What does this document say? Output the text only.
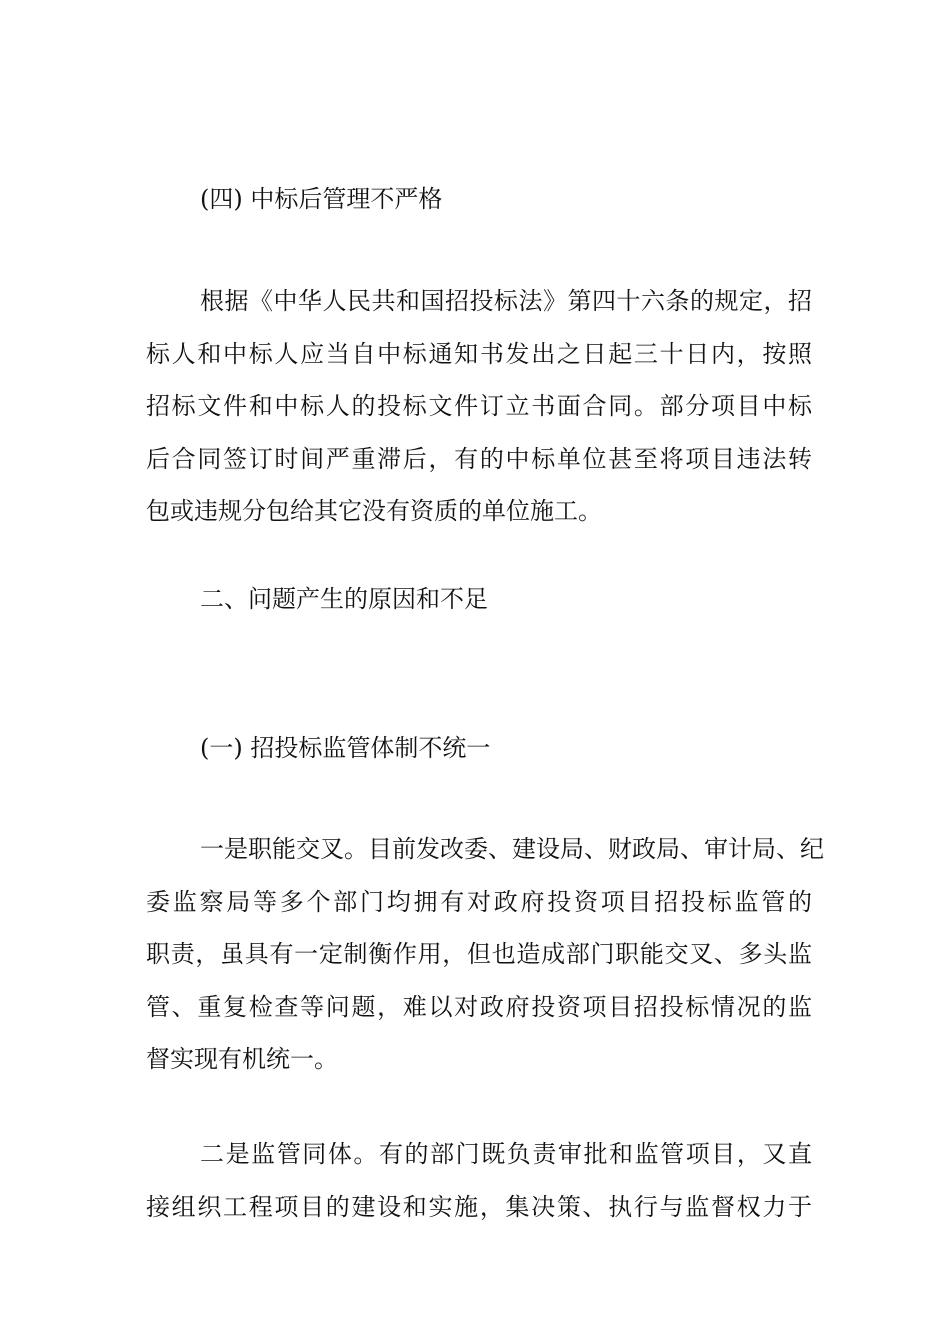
(四) 中标后管理不严格
根据《中华人民共和国招投标法》第四十六条的规定，招
标人和中标人应当自中标通知书发出之日起三十日内，按照
招标文件和中标人的投标文件订立书面合同。部分项目中标
后合同签订时间严重滞后，有的中标单位甚至将项目违法转
包或违规分包给其它没有资质的单位施工。
二、问题产生的原因和不足
(一) 招投标监管体制不统一
一是职能交叉。目前发改委、建设局、财政局、审计局、纪
委监察局等多个部门均拥有对政府投资项目招投标监管的
职责，虽具有一定制衡作用，但也造成部门职能交叉、多头监
管、重复检查等问题，难以对政府投资项目招投标情况的监
督实现有机统一。
二是监管同体。有的部门既负责审批和监管项目，又直
接组织工程项目的建设和实施，集决策、执行与监督权力于
